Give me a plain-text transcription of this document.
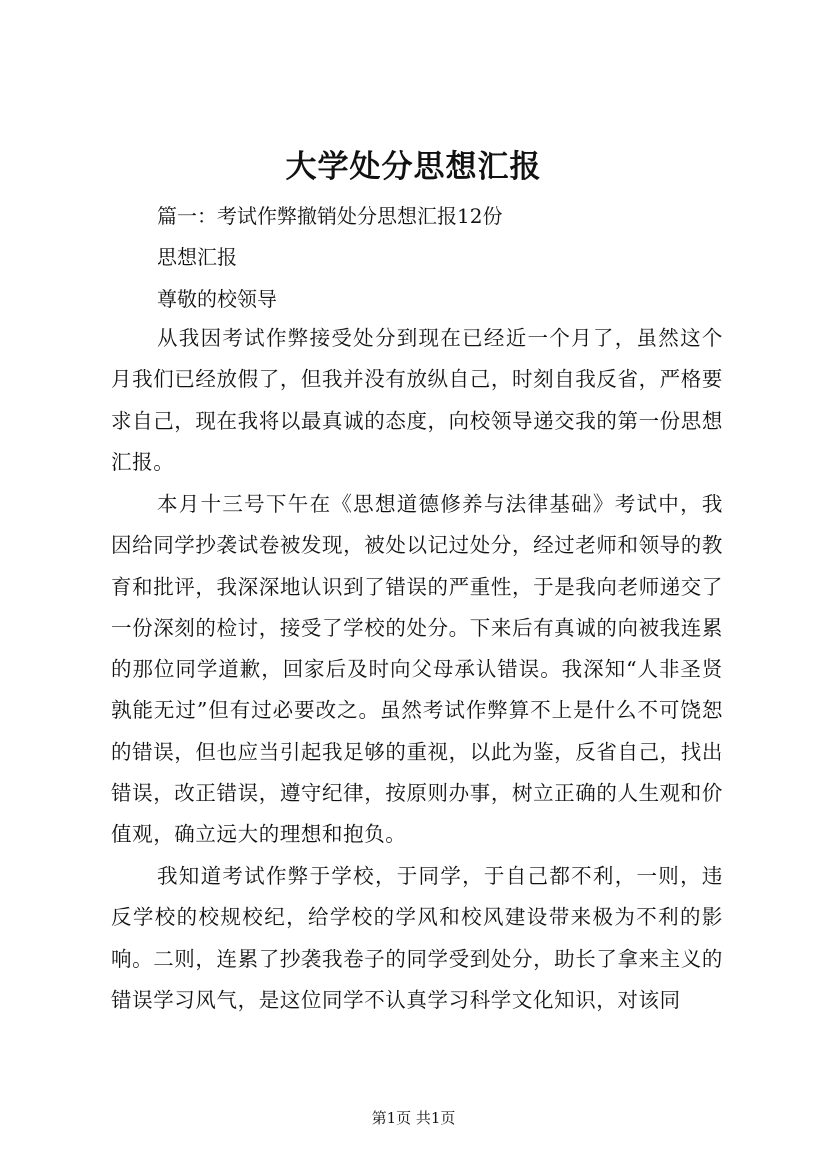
大学处分思想汇报
篇一：考试作弊撤销处分思想汇报12份
思想汇报
尊敬的校领导
从我因考试作弊接受处分到现在已经近一个月了，虽然这个月我们已经放假了，但我并没有放纵自己，时刻自我反省，严格要求自己，现在我将以最真诚的态度，向校领导递交我的第一份思想汇报。
本月十三号下午在《思想道德修养与法律基础》考试中，我因给同学抄袭试卷被发现，被处以记过处分，经过老师和领导的教育和批评，我深深地认识到了错误的严重性，于是我向老师递交了一份深刻的检讨，接受了学校的处分。下来后有真诚的向被我连累的那位同学道歉，回家后及时向父母承认错误。我深知“人非圣贤孰能无过”但有过必要改之。虽然考试作弊算不上是什么不可饶恕的错误，但也应当引起我足够的重视，以此为鉴，反省自己，找出错误，改正错误，遵守纪律，按原则办事，树立正确的人生观和价值观，确立远大的理想和抱负。
我知道考试作弊于学校，于同学，于自己都不利，一则，违反学校的校规校纪，给学校的学风和校风建设带来极为不利的影响。二则，连累了抄袭我卷子的同学受到处分，助长了拿来主义的错误学习风气，是这位同学不认真学习科学文化知识，对该同
第1页 共1页
